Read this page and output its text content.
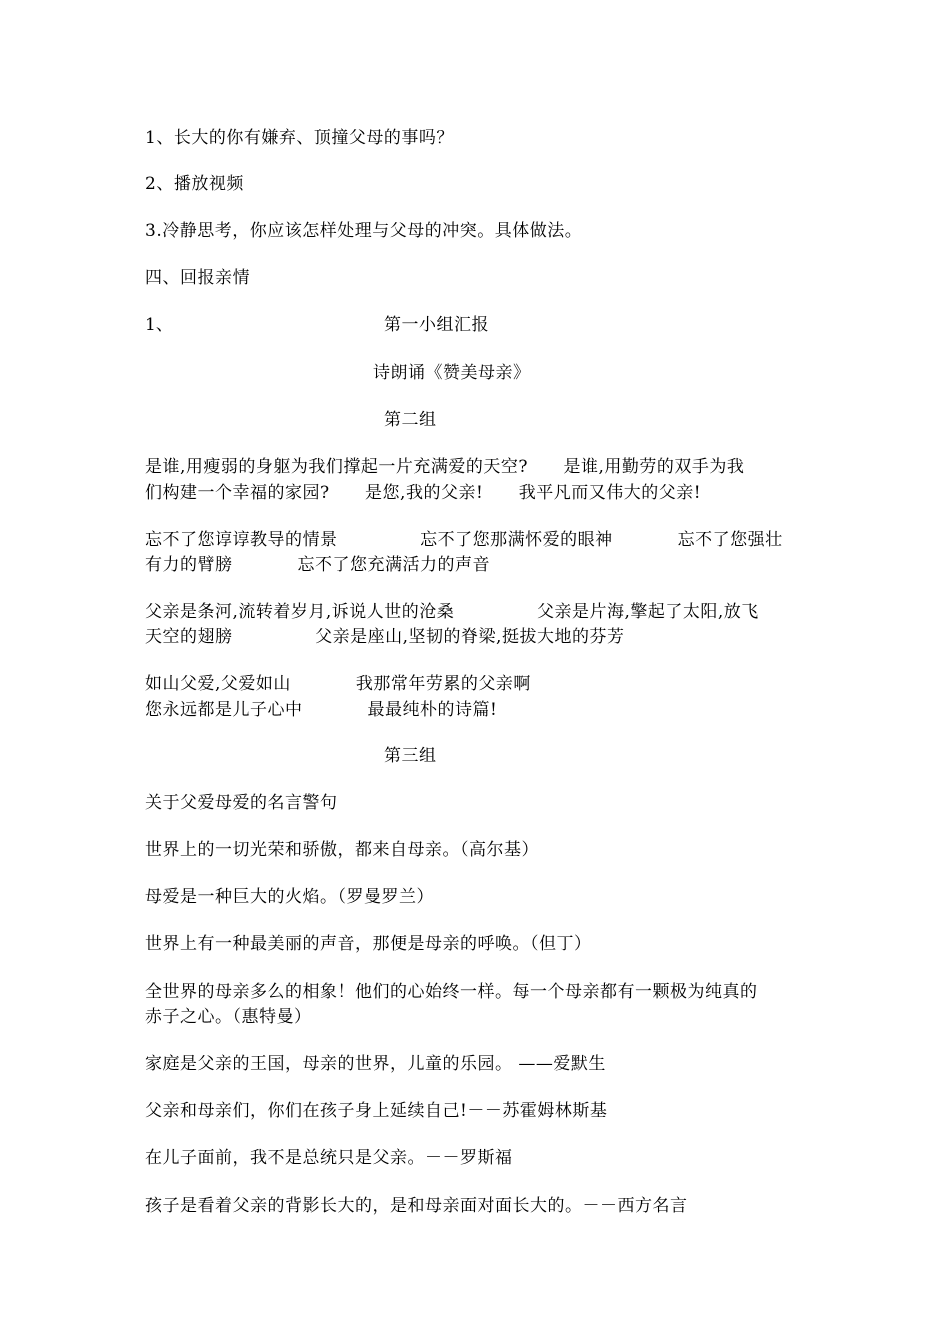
1、长大的你有嫌弃、顶撞父母的事吗？
2、播放视频
3.冷静思考，你应该怎样处理与父母的冲突。具体做法。
四、回报亲情
1、	第一小组汇报
诗朗诵《赞美母亲》
第二组
是谁,用瘦弱的身躯为我们撑起一片充满爱的天空?      是谁,用勤劳的双手为我
们构建一个幸福的家园?      是您,我的父亲!      我平凡而又伟大的父亲!
忘不了您谆谆教导的情景              忘不了您那满怀爱的眼神           忘不了您强壮
有力的臂膀           忘不了您充满活力的声音
父亲是条河,流转着岁月,诉说人世的沧桑              父亲是片海,擎起了太阳,放飞
天空的翅膀              父亲是座山,坚韧的脊梁,挺拔大地的芬芳
如山父爱,父爱如山           我那常年劳累的父亲啊
您永远都是儿子心中           最最纯朴的诗篇!
第三组
关于父爱母爱的名言警句
世界上的一切光荣和骄傲，都来自母亲。（高尔基）
母爱是一种巨大的火焰。（罗曼罗兰）
世界上有一种最美丽的声音，那便是母亲的呼唤。（但丁）
全世界的母亲多么的相象！他们的心始终一样。每一个母亲都有一颗极为纯真的
赤子之心。（惠特曼）
家庭是父亲的王国，母亲的世界，儿童的乐园。 ——爱默生
父亲和母亲们，你们在孩子身上延续自己!－－苏霍姆林斯基
在儿子面前，我不是总统只是父亲。－－罗斯福
孩子是看着父亲的背影长大的，是和母亲面对面长大的。－－西方名言
